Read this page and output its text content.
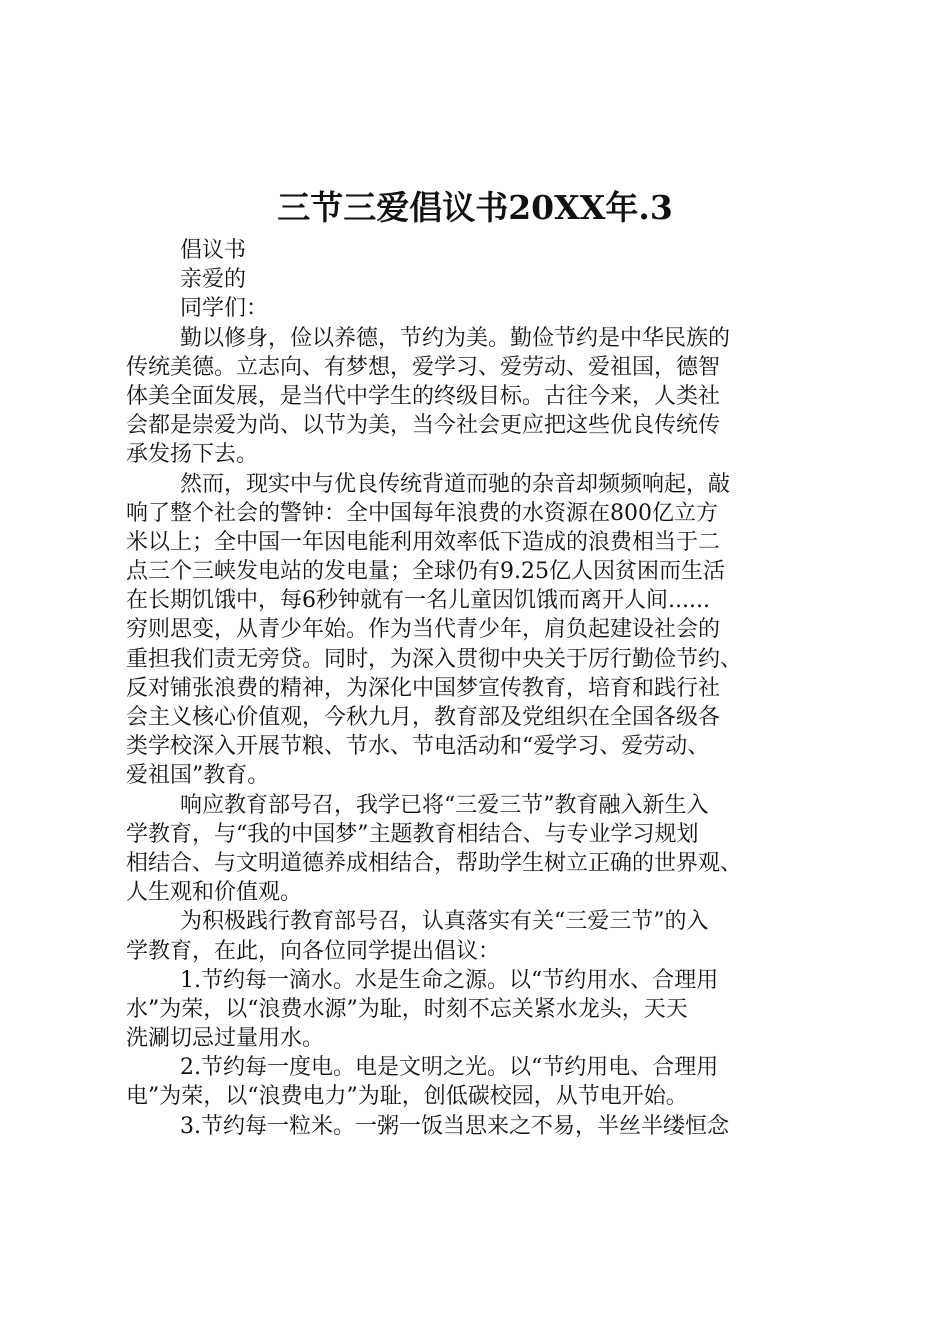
三节三爱倡议书20XX年.3
倡议书
亲爱的
同学们：
勤以修身，俭以养德，节约为美。勤俭节约是中华民族的
传统美德。立志向、有梦想，爱学习、爱劳动、爱祖国，德智
体美全面发展，是当代中学生的终级目标。古往今来，人类社
会都是崇爱为尚、以节为美，当今社会更应把这些优良传统传
承发扬下去。
然而，现实中与优良传统背道而驰的杂音却频频响起，敲
响了整个社会的警钟：全中国每年浪费的水资源在800亿立方
米以上；全中国一年因电能利用效率低下造成的浪费相当于二
点三个三峡发电站的发电量；全球仍有9.25亿人因贫困而生活
在长期饥饿中，每6秒钟就有一名儿童因饥饿而离开人间......
穷则思变，从青少年始。作为当代青少年，肩负起建设社会的
重担我们责无旁贷。同时，为深入贯彻中央关于厉行勤俭节约、
反对铺张浪费的精神，为深化中国梦宣传教育，培育和践行社
会主义核心价值观，今秋九月，教育部及党组织在全国各级各
类学校深入开展节粮、节水、节电活动和“爱学习、爱劳动、
爱祖国”教育。
响应教育部号召，我学已将“三爱三节”教育融入新生入
学教育，与“我的中国梦”主题教育相结合、与专业学习规划
相结合、与文明道德养成相结合，帮助学生树立正确的世界观、
人生观和价值观。
为积极践行教育部号召，认真落实有关“三爱三节”的入
学教育，在此，向各位同学提出倡议：
1.节约每一滴水。水是生命之源。以“节约用水、合理用
水”为荣，以“浪费水源”为耻，时刻不忘关紧水龙头，天天
洗涮切忌过量用水。
2.节约每一度电。电是文明之光。以“节约用电、合理用
电”为荣，以“浪费电力”为耻，创低碳校园，从节电开始。
3.节约每一粒米。一粥一饭当思来之不易，半丝半缕恒念
